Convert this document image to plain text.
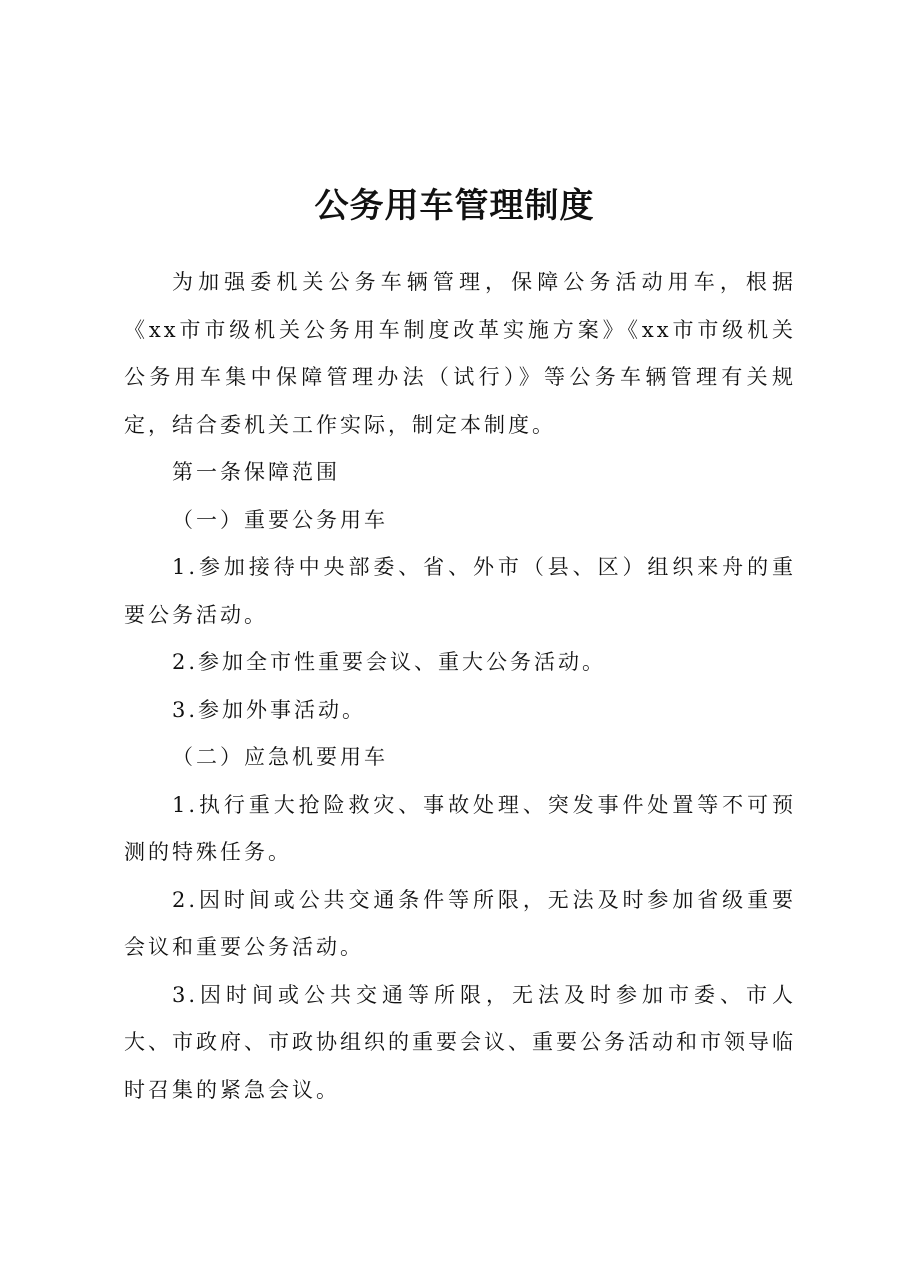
公务用车管理制度

为加强委机关公务车辆管理，保障公务活动用车，根据《xx市市级机关公务用车制度改革实施方案》《xx市市级机关公务用车集中保障管理办法（试行）》等公务车辆管理有关规定，结合委机关工作实际，制定本制度。

第一条保障范围

（一）重要公务用车

1.参加接待中央部委、省、外市（县、区）组织来舟的重要公务活动。

2.参加全市性重要会议、重大公务活动。

3.参加外事活动。

（二）应急机要用车

1.执行重大抢险救灾、事故处理、突发事件处置等不可预测的特殊任务。

2.因时间或公共交通条件等所限，无法及时参加省级重要会议和重要公务活动。

3.因时间或公共交通等所限，无法及时参加市委、市人大、市政府、市政协组织的重要会议、重要公务活动和市领导临时召集的紧急会议。
